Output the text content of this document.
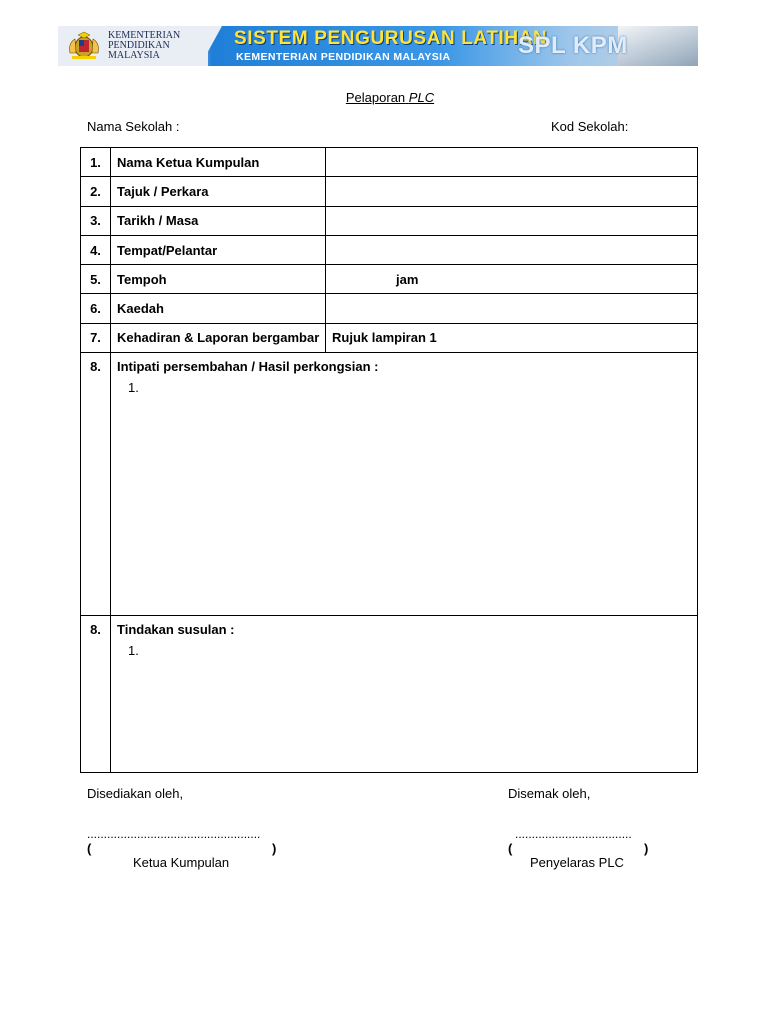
KEMENTERIAN
PENDIDIKAN
MALAYSIA
SISTEM PENGURUSAN LATIHAN
KEMENTERIAN PENDIDIKAN MALAYSIA	SPL KPM
Pelaporan PLC
Nama Sekolah :	Kod Sekolah:
1.	Nama Ketua Kumpulan	
2.	Tajuk / Perkara	
3.	Tarikh / Masa	
4.	Tempat/Pelantar	
5.	Tempoh	jam
6.	Kaedah	
7.	Kehadiran & Laporan bergambar	Rujuk lampiran 1
8.	Intipati persembahan / Hasil perkongsian :
1.	

8.	Tindakan susulan :
1.	
Disediakan oleh,
....................................................
(	)
Ketua Kumpulan
Disemak oleh,
...................................
(	)
Penyelaras PLC
